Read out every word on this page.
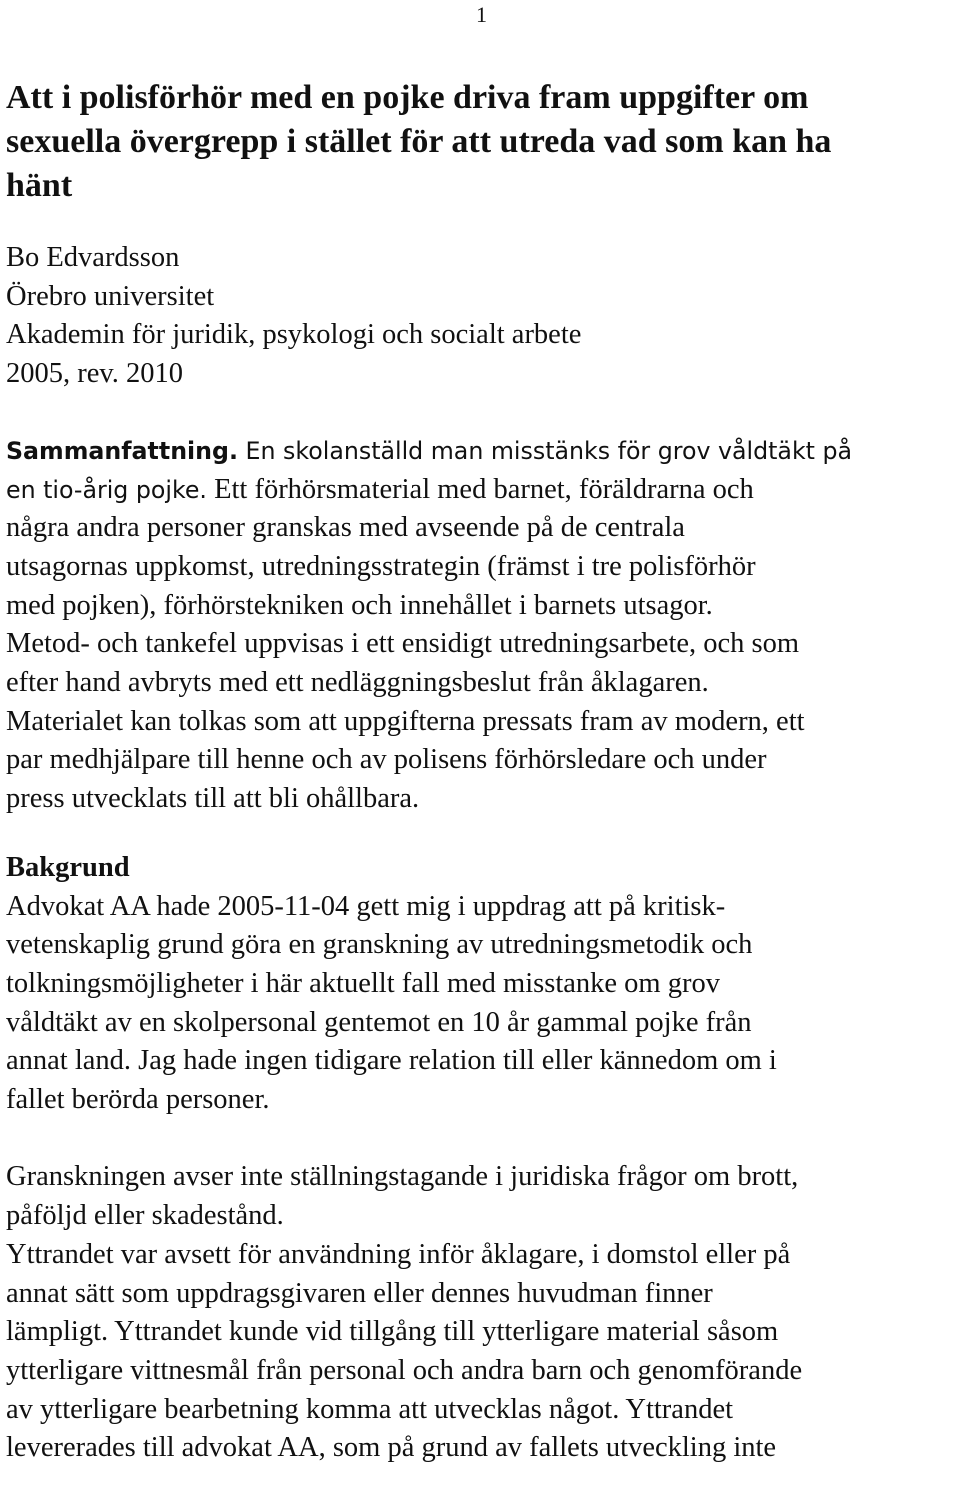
1
Att i polisförhör med en pojke driva fram uppgifter om
sexuella övergrepp i stället för att utreda vad som kan ha
hänt
Bo Edvardsson
Örebro universitet
Akademin för juridik, psykologi och socialt arbete
2005, rev. 2010
Sammanfattning. En skolanställd man misstänks för grov våldtäkt på
en tio-årig pojke. Ett förhörsmaterial med barnet, föräldrarna och
några andra personer granskas med avseende på de centrala
utsagornas uppkomst, utredningsstrategin (främst i tre polisförhör
med pojken), förhörstekniken och innehållet i barnets utsagor.
Metod- och tankefel uppvisas i ett ensidigt utredningsarbete, och som
efter hand avbryts med ett nedläggningsbeslut från åklagaren.
Materialet kan tolkas som att uppgifterna pressats fram av modern, ett
par medhjälpare till henne och av polisens förhörsledare och under
press utvecklats till att bli ohållbara.
Bakgrund
Advokat AA hade 2005-11-04 gett mig i uppdrag att på kritisk-
vetenskaplig grund göra en granskning av utredningsmetodik och
tolkningsmöjligheter i här aktuellt fall med misstanke om grov
våldtäkt av en skolpersonal gentemot en 10 år gammal pojke från
annat land. Jag hade ingen tidigare relation till eller kännedom om i
fallet berörda personer.
Granskningen avser inte ställningstagande i juridiska frågor om brott,
påföljd eller skadestånd.
Yttrandet var avsett för användning inför åklagare, i domstol eller på
annat sätt som uppdragsgivaren eller dennes huvudman finner
lämpligt. Yttrandet kunde vid tillgång till ytterligare material såsom
ytterligare vittnesmål från personal och andra barn och genomförande
av ytterligare bearbetning komma att utvecklas något. Yttrandet
levererades till advokat AA, som på grund av fallets utveckling inte
